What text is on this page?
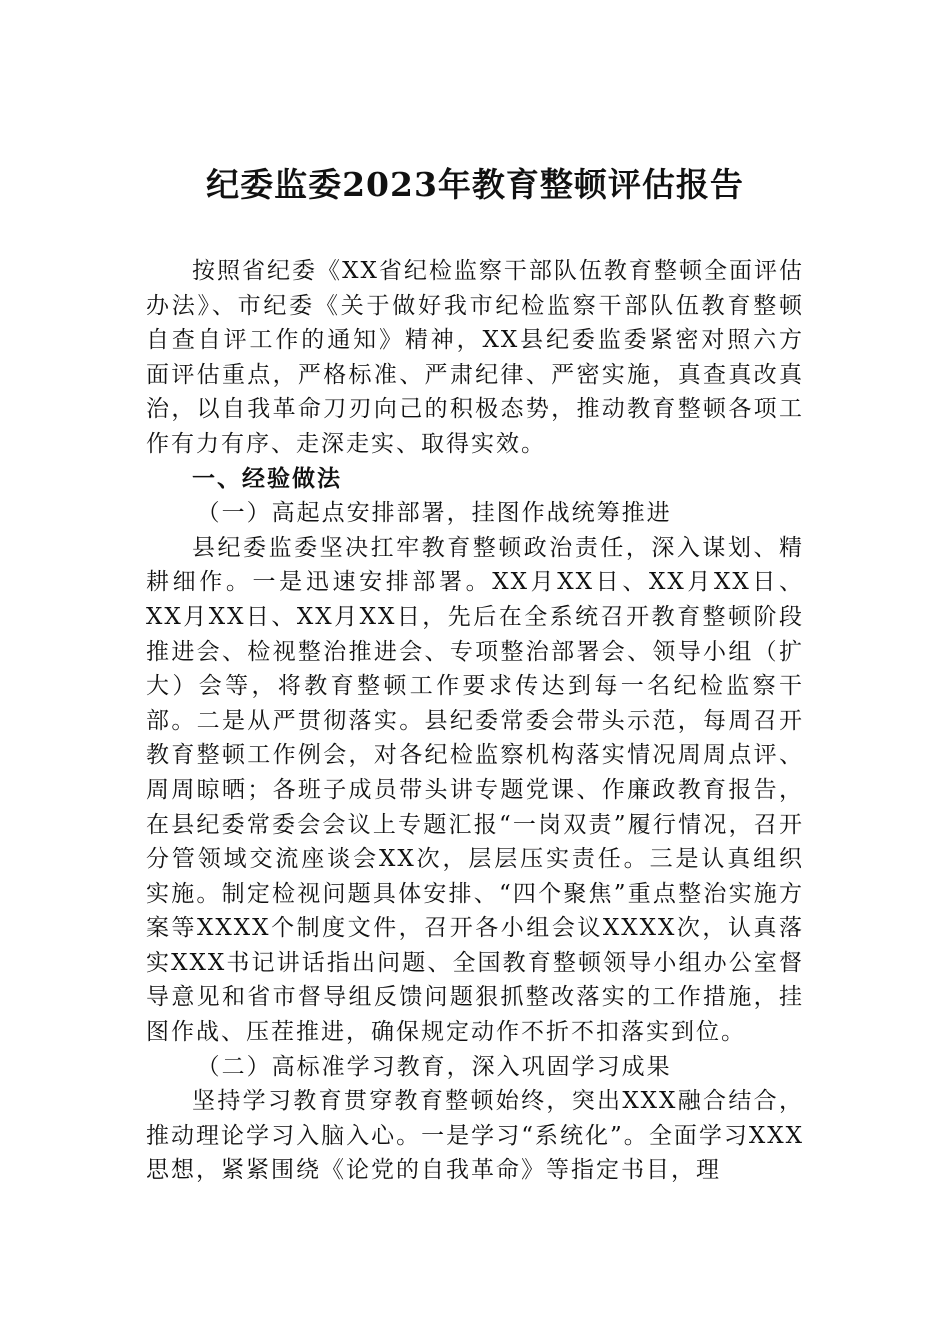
纪委监委2023年教育整顿评估报告

按照省纪委《XX省纪检监察干部队伍教育整顿全面评估办法》、市纪委《关于做好我市纪检监察干部队伍教育整顿自查自评工作的通知》精神，XX县纪委监委紧密对照六方面评估重点，严格标准、严肃纪律、严密实施，真查真改真治，以自我革命刀刃向己的积极态势，推动教育整顿各项工作有力有序、走深走实、取得实效。

一、经验做法
（一）高起点安排部署，挂图作战统筹推进

县纪委监委坚决扛牢教育整顿政治责任，深入谋划、精耕细作。一是迅速安排部署。XX月XX日、XX月XX日、XX月XX日、XX月XX日，先后在全系统召开教育整顿阶段推进会、检视整治推进会、专项整治部署会、领导小组（扩大）会等，将教育整顿工作要求传达到每一名纪检监察干部。二是从严贯彻落实。县纪委常委会带头示范，每周召开教育整顿工作例会，对各纪检监察机构落实情况周周点评、周周晾晒；各班子成员带头讲专题党课、作廉政教育报告，在县纪委常委会会议上专题汇报“一岗双责”履行情况，召开分管领域交流座谈会XX次，层层压实责任。三是认真组织实施。制定检视问题具体安排、“四个聚焦”重点整治实施方案等XXXX个制度文件，召开各小组会议XXXX次，认真落实XXX书记讲话指出问题、全国教育整顿领导小组办公室督导意见和省市督导组反馈问题狠抓整改落实的工作措施，挂图作战、压茬推进，确保规定动作不折不扣落实到位。

（二）高标准学习教育，深入巩固学习成果

坚持学习教育贯穿教育整顿始终，突出XXX融合结合，推动理论学习入脑入心。一是学习“系统化”。全面学习XXX思想，紧紧围绕《论党的自我革命》等指定书目，理
